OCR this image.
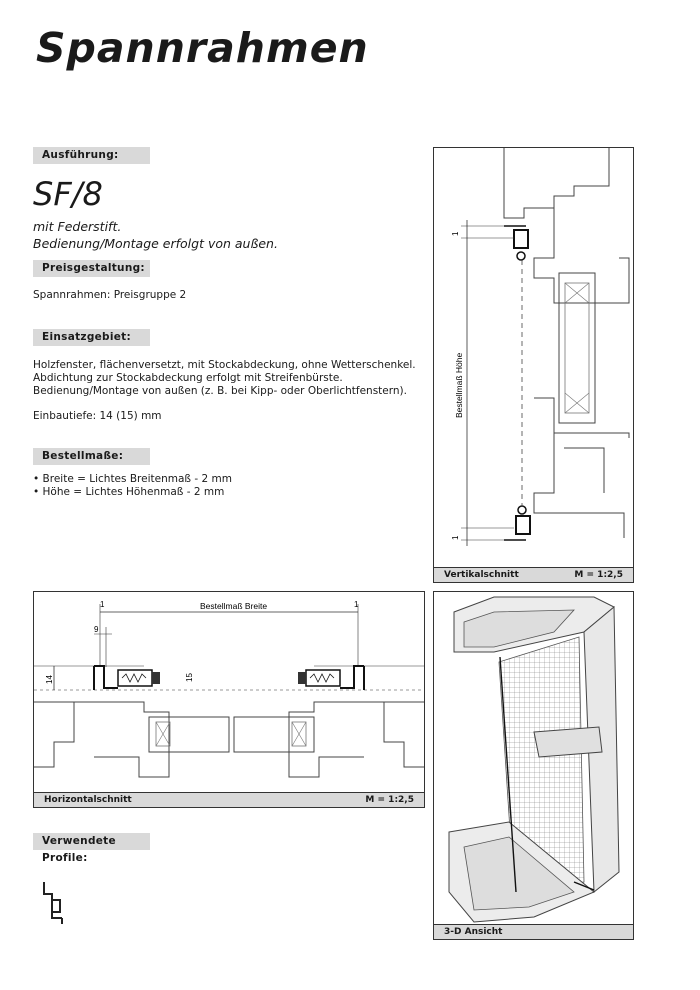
Spannrahmen
Ausführung:
SF/8
mit Federstift.
Bedienung/Montage erfolgt von außen.
Preisgestaltung:
Spannrahmen: Preisgruppe 2
Einsatzgebiet:
Holzfenster, flächenversetzt, mit Stockabdeckung, ohne Wetterschenkel.
Abdichtung zur Stockabdeckung erfolgt mit Streifenbürste.
Bedienung/Montage von außen (z. B. bei Kipp- oder Oberlichtfenstern).
Einbautiefe: 14 (15) mm
Bestellmaße:
• Breite = Lichtes Breitenmaß - 2 mm
• Höhe = Lichtes Höhenmaß - 2 mm
Verwendete Profile:
1
1
Bestellmaß Höhe
Vertikalschnitt	M = 1:2,5
1	1
9
Bestellmaß Breite
14	15
Horizontalschnitt	M = 1:2,5
3-D Ansicht
